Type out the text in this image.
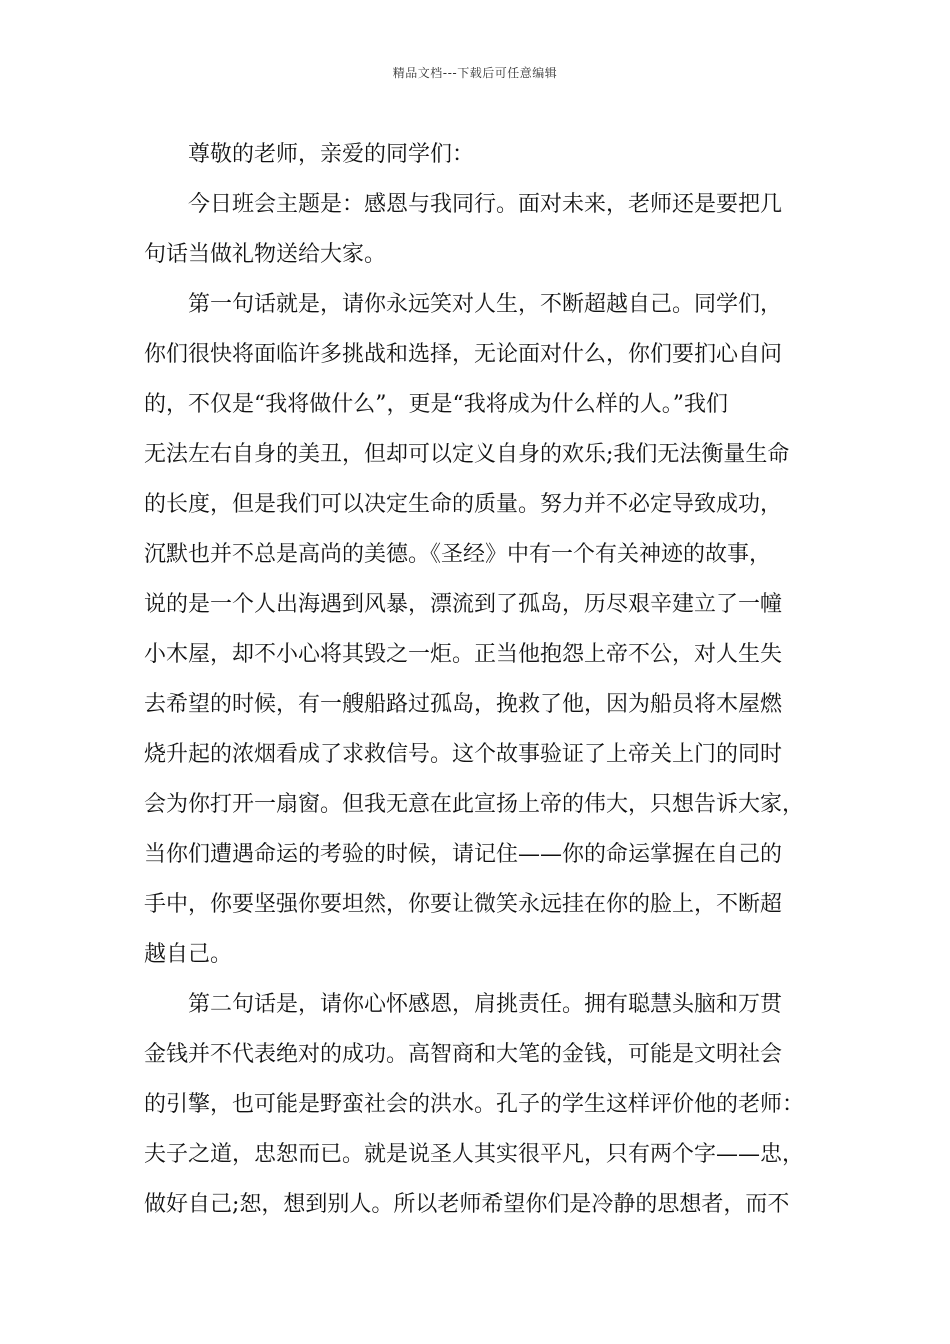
精品文档---下载后可任意编辑
尊敬的老师，亲爱的同学们：
今日班会主题是：感恩与我同行。面对未来，老师还是要把几
句话当做礼物送给大家。
第一句话就是，请你永远笑对人生，不断超越自己。同学们，
你们很快将面临许多挑战和选择，无论面对什么，你们要扪心自问
的，不仅是“我将做什么”，更是“我将成为什么样的人。”我们
无法左右自身的美丑，但却可以定义自身的欢乐;我们无法衡量生命
的长度，但是我们可以决定生命的质量。努力并不必定导致成功，
沉默也并不总是高尚的美德。《圣经》中有一个有关神迹的故事，
说的是一个人出海遇到风暴，漂流到了孤岛，历尽艰辛建立了一幢
小木屋，却不小心将其毁之一炬。正当他抱怨上帝不公，对人生失
去希望的时候，有一艘船路过孤岛，挽救了他，因为船员将木屋燃
烧升起的浓烟看成了求救信号。这个故事验证了上帝关上门的同时
会为你打开一扇窗。但我无意在此宣扬上帝的伟大，只想告诉大家，
当你们遭遇命运的考验的时候，请记住——你的命运掌握在自己的
手中，你要坚强你要坦然，你要让微笑永远挂在你的脸上，不断超
越自己。
第二句话是，请你心怀感恩，肩挑责任。拥有聪慧头脑和万贯
金钱并不代表绝对的成功。高智商和大笔的金钱，可能是文明社会
的引擎，也可能是野蛮社会的洪水。孔子的学生这样评价他的老师：
夫子之道，忠恕而已。就是说圣人其实很平凡，只有两个字——忠，
做好自己;恕，想到别人。所以老师希望你们是冷静的思想者，而不
